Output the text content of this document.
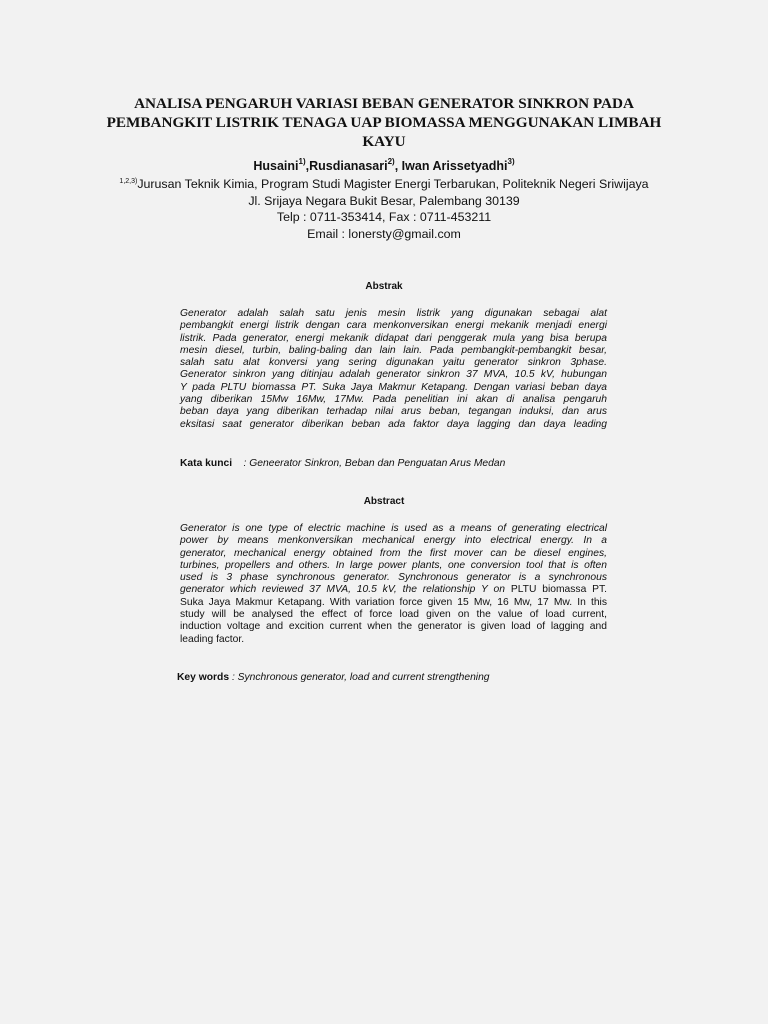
ANALISA PENGARUH VARIASI BEBAN GENERATOR SINKRON PADA
PEMBANGKIT LISTRIK TENAGA UAP BIOMASSA MENGGUNAKAN LIMBAH
KAYU
Husaini$^{1)}$,Rusdianasari$^{2)}$, Iwan Arissetyadhi$^{3)}$
$^{1,2,3)}$Jurusan Teknik Kimia, Program Studi Magister Energi Terbarukan, Politeknik Negeri Sriwijaya
Jl. Srijaya Negara Bukit Besar, Palembang 30139
Telp : 0711-353414, Fax : 0711-453211
Email : lonersty@gmail.com
Abstrak
Generator adalah salah satu jenis mesin listrik yang digunakan sebagai alat
pembangkit energi listrik dengan cara menkonversikan energi mekanik menjadi energi
listrik. Pada generator, energi mekanik didapat dari penggerak mula yang bisa berupa
mesin diesel, turbin, baling-baling dan lain lain. Pada pembangkit-pembangkit besar,
salah satu alat konversi yang sering digunakan yaitu generator sinkron 3phase.
Generator sinkron yang ditinjau adalah generator sinkron 37 MVA, 10.5 kV, hubungan
Y pada PLTU biomassa PT. Suka Jaya Makmur Ketapang. Dengan variasi beban daya
yang diberikan 15Mw 16Mw, 17Mw. Pada penelitian ini akan di analisa pengaruh
beban daya yang diberikan terhadap nilai arus beban, tegangan induksi, dan arus
eksitasi saat generator diberikan beban ada faktor daya lagging dan daya leading
Kata kunci    : Geneerator Sinkron, Beban dan Penguatan Arus Medan
Abstract
Generator is one type of electric machine is used as a means of generating electrical
power by means menkonversikan mechanical energy into electrical energy. In a
generator, mechanical energy obtained from the first mover can be diesel engines,
turbines, propellers and others. In large power plants, one conversion tool that is often
used is 3 phase synchronous generator. Synchronous generator is a synchronous
generator which reviewed 37 MVA, 10.5 kV, the relationship Y on PLTU biomassa PT.
Suka Jaya Makmur Ketapang. With variation force given 15 Mw, 16 Mw, 17 Mw. In this
study will be analysed the effect of force load given on the value of load current,
induction voltage and excition current when the generator is given load of lagging and
leading factor.
Key words : Synchronous generator, load and current strengthening
